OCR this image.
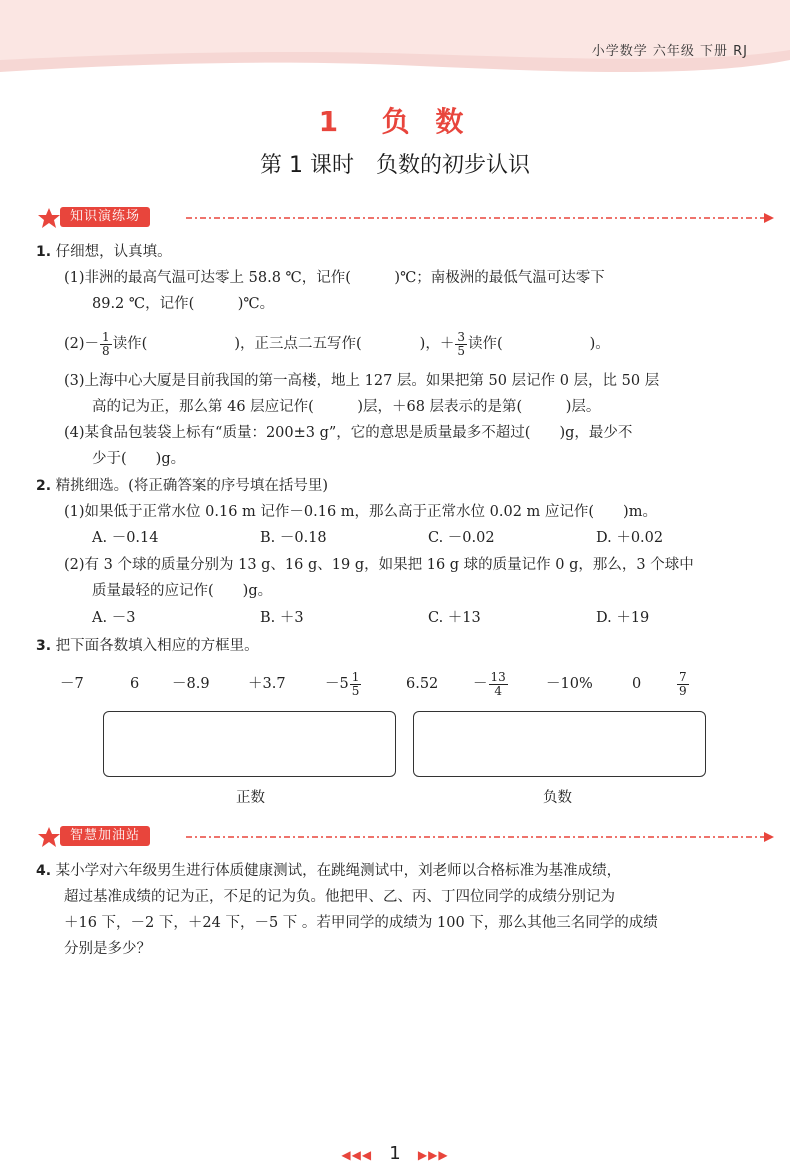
小学数学 六年级 下册 RJ
1 负 数
第 1 课时　负数的初步认识
知识演练场
1. 仔细想，认真填。
(1)非洲的最高气温可达零上 58.8 ℃，记作(　　　)℃；南极洲的最低气温可达零下
89.2 ℃，记作(　　　)℃。
$(2)- \frac{1}{8}$ 读作(　　　　　　)，正三点二五写作(　　　　)，＋ $\frac{3}{5}$ 读作(　　　　　　)。
(3)上海中心大厦是目前我国的第一高楼，地上 127 层。如果把第 50 层记作 0 层，比 50 层
高的记为正，那么第 46 层应记作(　　　)层，＋68 层表示的是第(　　　)层。
(4)某食品包装袋上标有“质量：200±3 g”，它的意思是质量最多不超过(　　)g，最少不
少于(　　)g。
2. 精挑细选。(将正确答案的序号填在括号里)
(1)如果低于正常水位 0.16 m 记作－0.16 m，那么高于正常水位 0.02 m 应记作(　　)m。
A. －0.14	B. －0.18	C. －0.02	D. ＋0.02
(2)有 3 个球的质量分别为 13 g、16 g、19 g，如果把 16 g 球的质量记作 0 g，那么，3 个球中
质量最轻的应记作(　　)g。
A. －3	B. ＋3	C. ＋13	D. ＋19
3. 把下面各数填入相应的方框里。
－7	6 －8.9	＋3.7	$-5 \frac{1}{5}$	$6.52 - \frac{13}{4}$	－10%	0	$\frac{7}{9}$
正数	负数
智慧加油站
4. 某小学对六年级男生进行体质健康测试，在跳绳测试中，刘老师以合格标准为基准成绩，
超过基准成绩的记为正，不足的记为负。他把甲、乙、丙、丁四位同学的成绩分别记为
＋16 下，－2 下，＋24 下，－5 下 。若甲同学的成绩为 100 下，那么其他三名同学的成绩
分别是多少？
◀◀◀ 1 ▶▶▶
